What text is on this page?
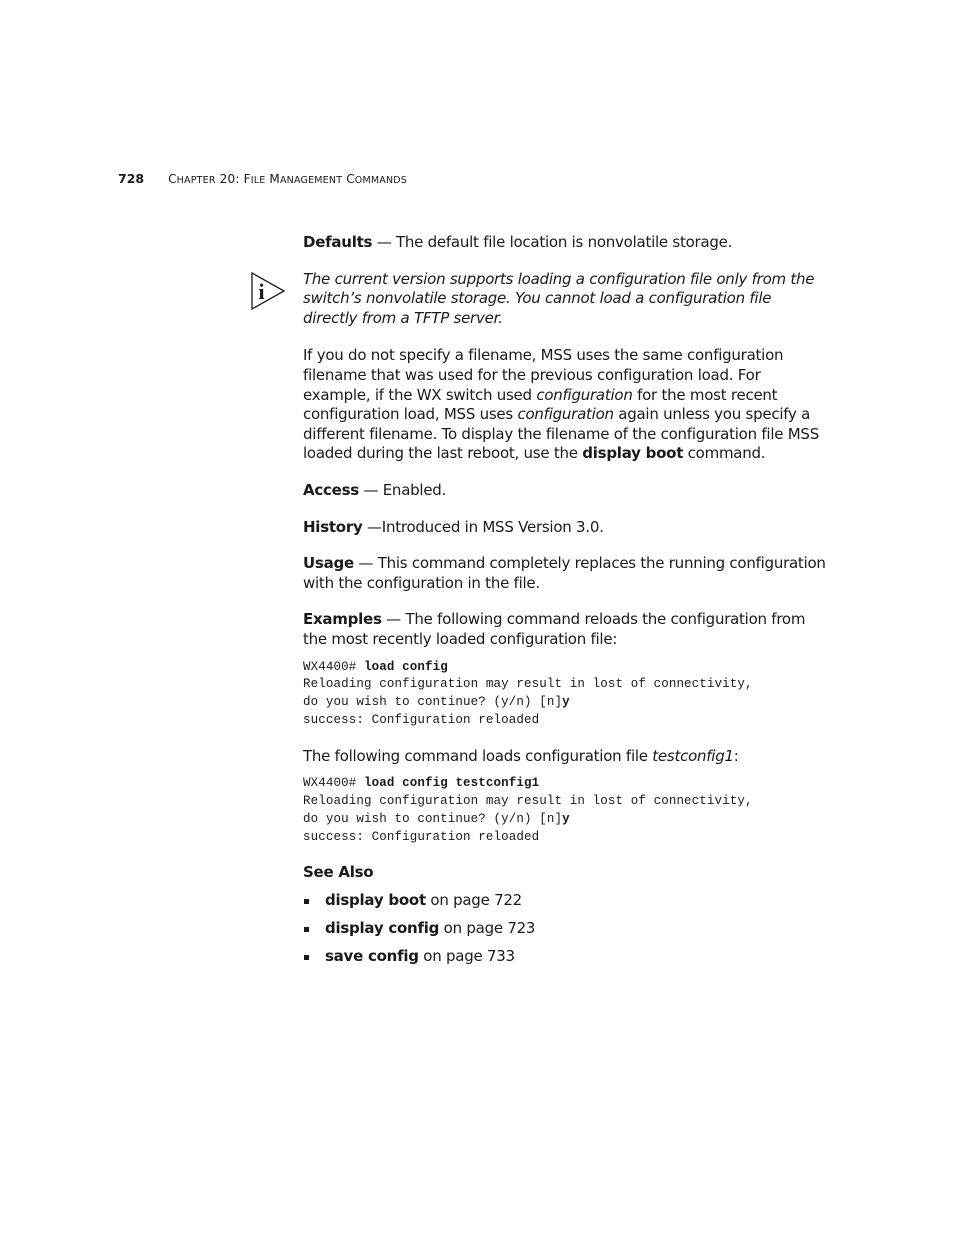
728 CHAPTER 20: FILE MANAGEMENT COMMANDS
i

Defaults — The default file location is nonvolatile storage.

The current version supports loading a configuration file only from the switch’s nonvolatile storage. You cannot load a configuration file directly from a TFTP server.

If you do not specify a filename, MSS uses the same configuration filename that was used for the previous configuration load. For example, if the WX switch used configuration for the most recent configuration load, MSS uses configuration again unless you specify a different filename. To display the filename of the configuration file MSS loaded during the last reboot, use the display boot command.

Access — Enabled.

History —Introduced in MSS Version 3.0.

Usage — This command completely replaces the running configuration with the configuration in the file.

Examples — The following command reloads the configuration from the most recently loaded configuration file:

WX4400# load config
Reloading configuration may result in lost of connectivity,
do you wish to continue? (y/n) [n]y
success: Configuration reloaded

The following command loads configuration file testconfig1:

WX4400# load config testconfig1
Reloading configuration may result in lost of connectivity,
do you wish to continue? (y/n) [n]y
success: Configuration reloaded
See Also
display boot on page 722
display config on page 723
save config on page 733
